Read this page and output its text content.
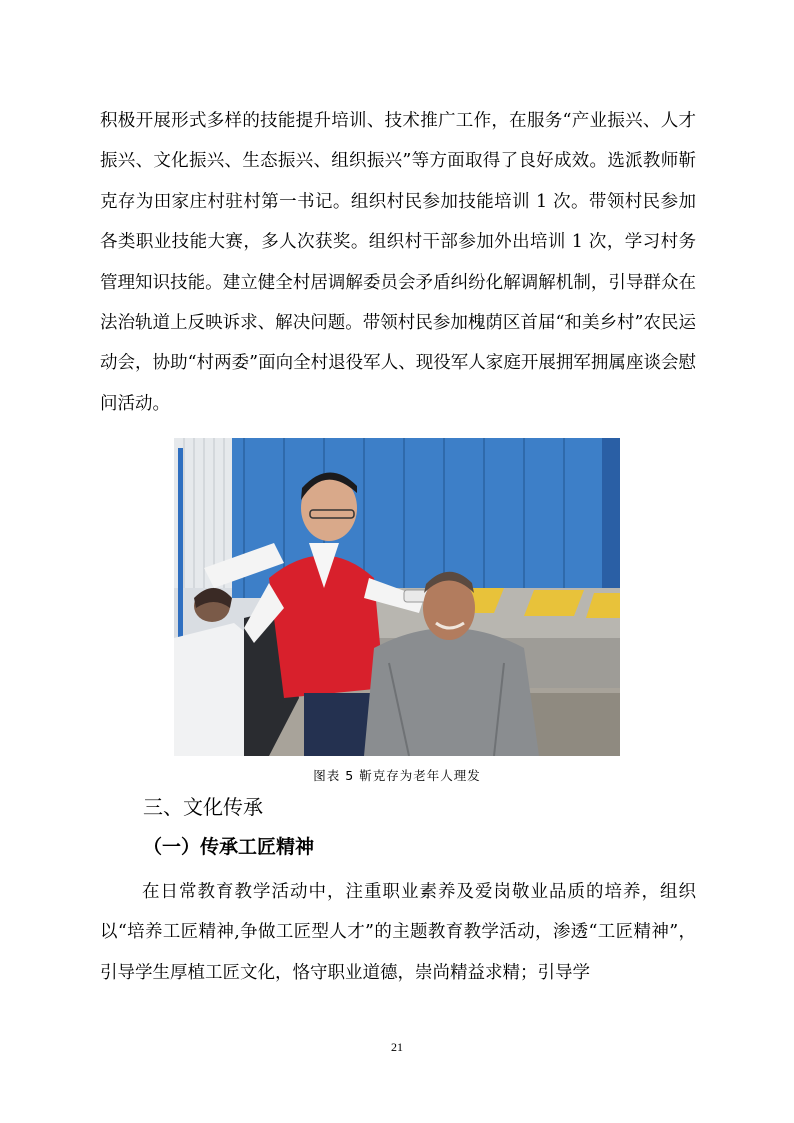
积极开展形式多样的技能提升培训、技术推广工作，在服务“产业振兴、人才振兴、文化振兴、生态振兴、组织振兴”等方面取得了良好成效。选派教师靳克存为田家庄村驻村第一书记。组织村民参加技能培训 1 次。带领村民参加各类职业技能大赛，多人次获奖。组织村干部参加外出培训 1 次，学习村务管理知识技能。建立健全村居调解委员会矛盾纠纷化解调解机制，引导群众在法治轨道上反映诉求、解决问题。带领村民参加槐荫区首届“和美乡村”农民运动会，协助“村两委”面向全村退役军人、现役军人家庭开展拥军拥属座谈会慰问活动。

图表 5 靳克存为老年人理发
三、文化传承
（一）传承工匠精神

在日常教育教学活动中，注重职业素养及爱岗敬业品质的培养，组织以“培养工匠精神,争做工匠型人才”的主题教育教学活动，渗透“工匠精神”，引导学生厚植工匠文化，恪守职业道德，崇尚精益求精；引导学

21
